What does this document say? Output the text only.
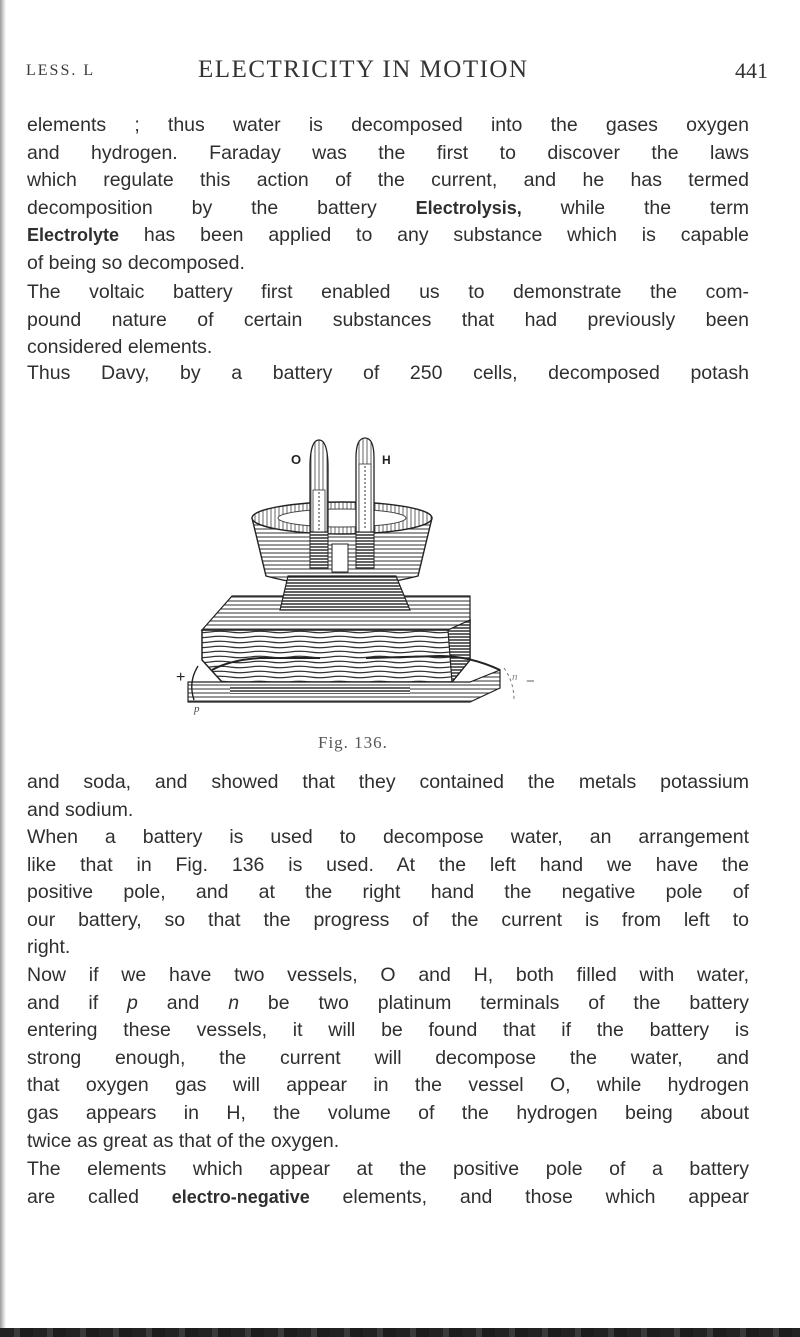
LESS. L	ELECTRICITY IN MOTION	441

elements ; thus water is decomposed into the gases oxygen
and hydrogen. Faraday was the first to discover the laws
which regulate this action of the current, and he has termed
decomposition by the battery Electrolysis, while the term
Electrolyte has been applied to any substance which is capable
of being so decomposed.

The voltaic battery first enabled us to demonstrate the com-
pound nature of certain substances that had previously been
considered elements.

Thus Davy, by a battery of 250 cells, decomposed potash

O	H
+	−
p
n
Fig. 136.

and soda, and showed that they contained the metals potassium
and sodium.

When a battery is used to decompose water, an arrangement
like that in Fig. 136 is used. At the left hand we have the
positive pole, and at the right hand the negative pole of
our battery, so that the progress of the current is from left to
right.

Now if we have two vessels, O and H, both filled with water,
and if p and n be two platinum terminals of the battery
entering these vessels, it will be found that if the battery is
strong enough, the current will decompose the water, and
that oxygen gas will appear in the vessel O, while hydrogen
gas appears in H, the volume of the hydrogen being about
twice as great as that of the oxygen.

The elements which appear at the positive pole of a battery
are called electro-negative elements, and those which appear
